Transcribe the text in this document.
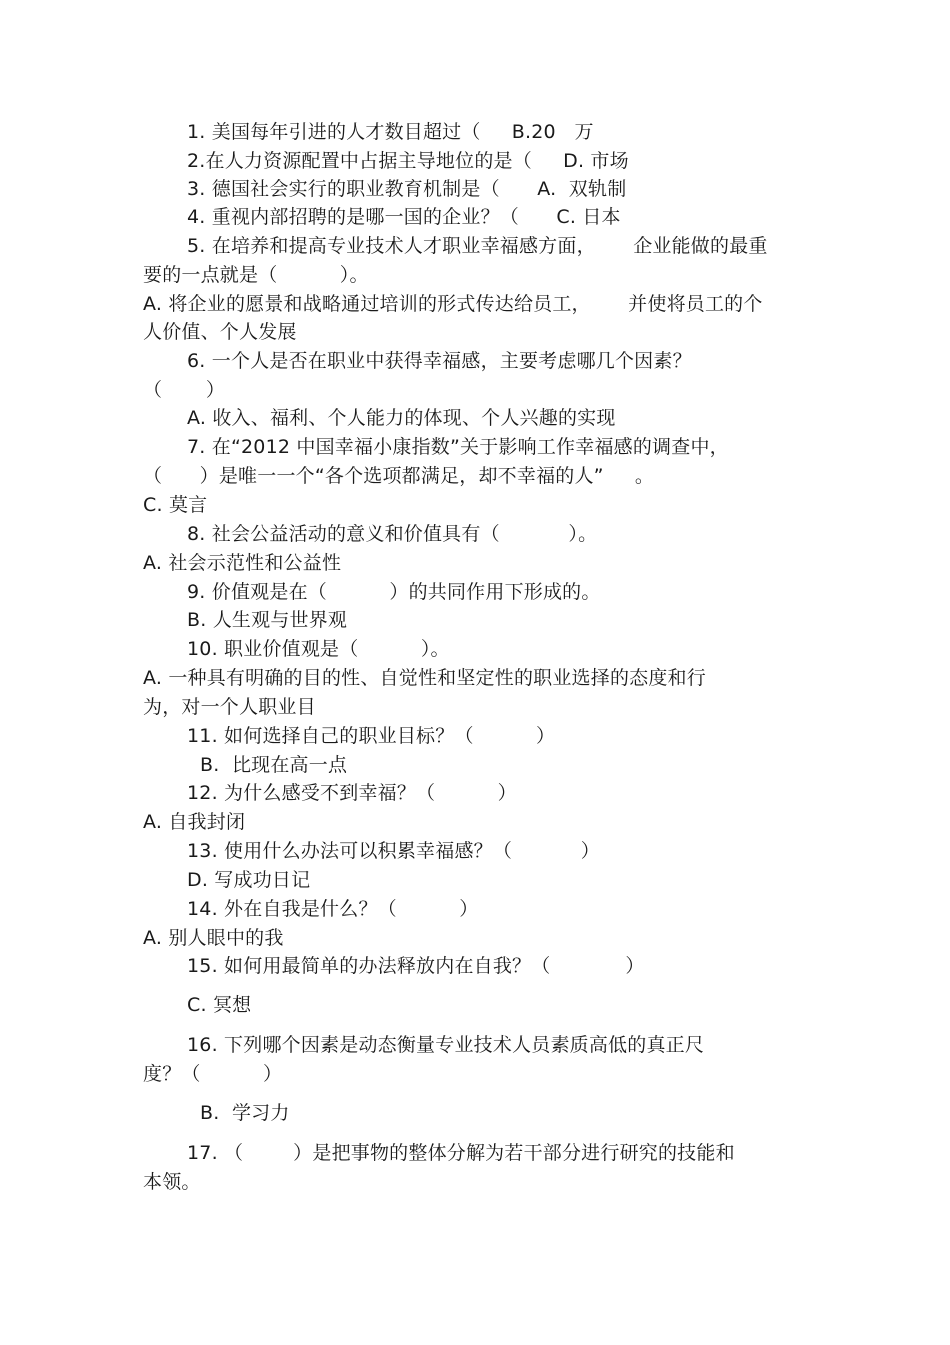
1. 美国每年引进的人才数目超过（     B.20   万
2.在人力资源配置中占据主导地位的是（     D. 市场
3. 德国社会实行的职业教育机制是（      A.  双轨制
4. 重视内部招聘的是哪一国的企业？（      C. 日本
5. 在培养和提高专业技术人才职业幸福感方面，      企业能做的最重
要的一点就是（          ）。
A. 将企业的愿景和战略通过培训的形式传达给员工，      并使将员工的个
人价值、个人发展
6. 一个人是否在职业中获得幸福感，主要考虑哪几个因素？
（       ）
A. 收入、福利、个人能力的体现、个人兴趣的实现
7. 在“2012 中国幸福小康指数”关于影响工作幸福感的调查中，
（      ）是唯一一个“各个选项都满足，却不幸福的人”     。
C. 莫言
8. 社会公益活动的意义和价值具有（           ）。
A. 社会示范性和公益性
9. 价值观是在（          ）的共同作用下形成的。
B. 人生观与世界观
10. 职业价值观是（          ）。
A. 一种具有明确的目的性、自觉性和坚定性的职业选择的态度和行
为，对一个人职业目
11. 如何选择自己的职业目标？（          ）
B.  比现在高一点
12. 为什么感受不到幸福？（          ）
A. 自我封闭
13. 使用什么办法可以积累幸福感？（           ）
D. 写成功日记
14. 外在自我是什么？（          ）
A. 别人眼中的我
15. 如何用最简单的办法释放内在自我？（            ）
C. 冥想
16. 下列哪个因素是动态衡量专业技术人员素质高低的真正尺
度？（          ）
B.  学习力
17. （        ）是把事物的整体分解为若干部分进行研究的技能和
本领。
